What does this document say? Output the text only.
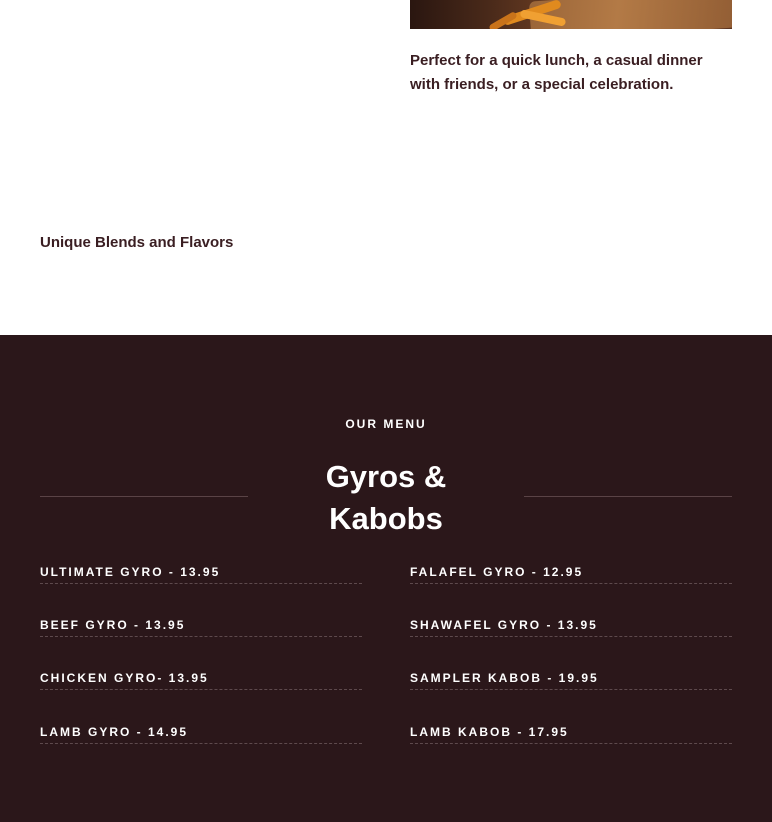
Perfect for a quick lunch, a casual dinner with friends, or a special celebration.

Unique Blends and Flavors

OUR MENU
Gyros & Kabobs
ULTIMATE GYRO - 13.95
BEEF GYRO - 13.95
CHICKEN GYRO- 13.95
LAMB GYRO - 14.95
FALAFEL GYRO - 12.95
SHAWAFEL GYRO - 13.95
SAMPLER KABOB - 19.95
LAMB KABOB - 17.95
